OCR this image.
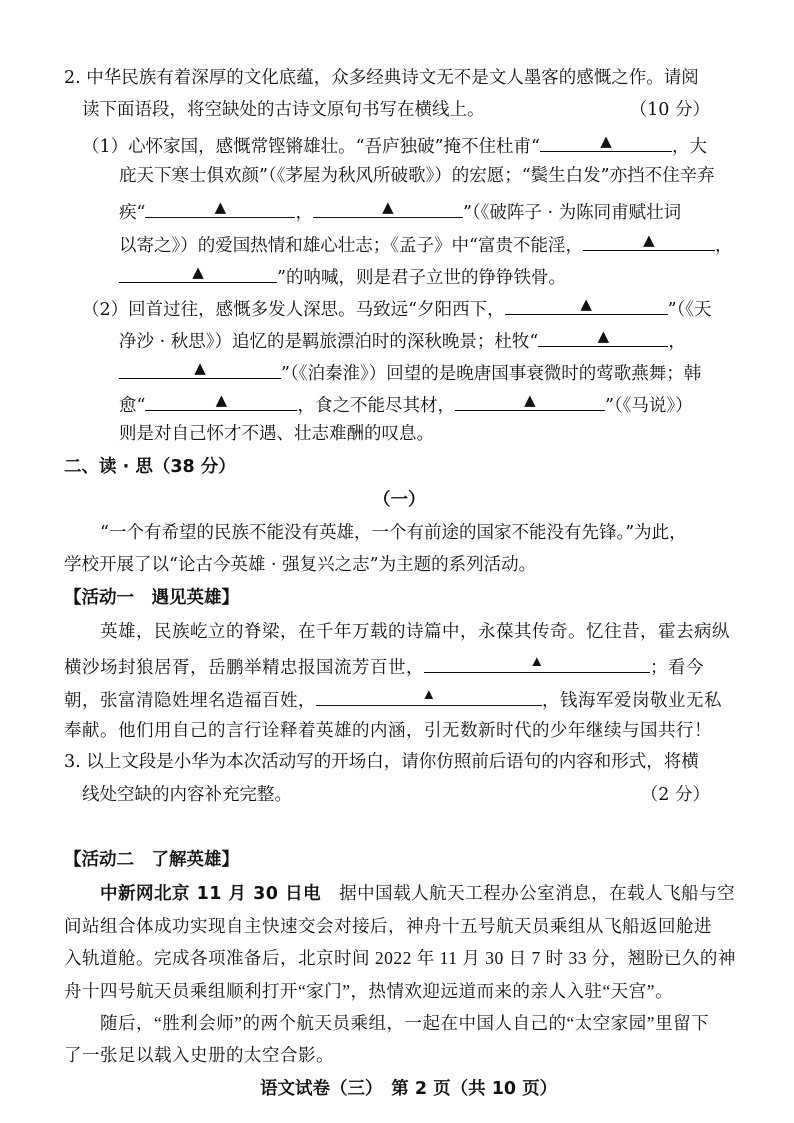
2. 中华民族有着深厚的文化底蕴，众多经典诗文无不是文人墨客的感慨之作。请阅
读下面语段，将空缺处的古诗文原句书写在横线上。	（10 分）
（1）心怀家国，感慨常铿锵雄壮。“吾庐独破”掩不住杜甫“	▲	，大
庇天下寒士俱欢颜”（《茅屋为秋风所破歌》）的宏愿；“鬓生白发”亦挡不住辛弃
疾“	▲	，	▲	”（《破阵子 · 为陈同甫赋壮词
以寄之》）的爱国热情和雄心壮志；《孟子》中“富贵不能淫，	▲	，
▲	”的呐喊，则是君子立世的铮铮铁骨。
（2）回首过往，感慨多发人深思。马致远“夕阳西下，	▲	”（《天
净沙 · 秋思》）追忆的是羁旅漂泊时的深秋晚景；杜牧“	▲	，
▲	”（《泊秦淮》）回望的是晚唐国事衰微时的莺歌燕舞；韩
愈“	▲	，食之不能尽其材，	▲	”（《马说》）
则是对自己怀才不遇、壮志难酬的叹息。
二、读 · 思（38 分）
（一）
“一个有希望的民族不能没有英雄，一个有前途的国家不能没有先锋。”为此，
学校开展了以“论古今英雄 · 强复兴之志”为主题的系列活动。
【活动一　遇见英雄】
英雄，民族屹立的脊梁，在千年万载的诗篇中，永葆其传奇。忆往昔，霍去病纵
横沙场封狼居胥，岳鹏举精忠报国流芳百世，	▲	；看今
朝，张富清隐姓埋名造福百姓，	▲	，钱海军爱岗敬业无私
奉献。他们用自己的言行诠释着英雄的内涵，引无数新时代的少年继续与国共行！
3. 以上文段是小华为本次活动写的开场白，请你仿照前后语句的内容和形式，将横
线处空缺的内容补充完整。	（2 分）
【活动二　了解英雄】
中新网北京 11 月 30 日电　 据中国载人航天工程办公室消息，在载人飞船与空
间站组合体成功实现自主快速交会对接后，神舟十五号航天员乘组从飞船返回舱进
入轨道舱。完成各项准备后，北京时间 2022 年 11 月 30 日 7 时 33 分，翘盼已久的神
舟十四号航天员乘组顺利打开“家门”，热情欢迎远道而来的亲人入驻“天宫”。
随后，“胜利会师”的两个航天员乘组，一起在中国人自己的“太空家园”里留下
了一张足以载入史册的太空合影。
语文试卷（三）　第 2 页（共 10 页）
